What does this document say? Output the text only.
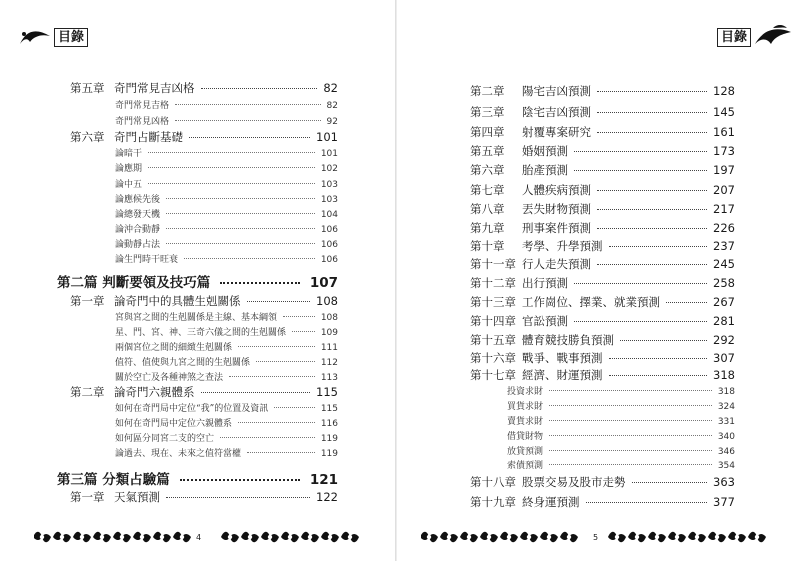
目錄
第五章 奇門常見吉凶格	82
奇門常見吉格	82
奇門常見凶格	92
第六章 奇門占斷基礎	101
論暗干	101
論應期	102
論中五	103
論應候先後	103
論總發天機	104
論沖合動靜	106
論動靜占法	106
論生門時干旺衰	106
第二篇 判斷要領及技巧篇	107
第一章 論奇門中的具體生剋關係	108
宮與宮之間的生剋關係是主線、基本綱領	108
星、門、宮、神、三奇六儀之間的生剋關係	109
兩個宮位之間的細緻生剋關係	111
值符、值使與九宮之間的生剋關係	112
關於空亡及各種神煞之查法	113
第二章 論奇門六親體系	115
如何在奇門局中定位“我”的位置及資訊	115
如何在奇門局中定位六親體系	116
如何區分同宮二支的空亡	119
論過去、現在、未來之值符當權	119
第三篇 分類占驗篇	121
第一章 天氣預測	122
4
目錄
第二章	陽宅吉凶預測	128
第三章	陰宅吉凶預測	145
第四章	射覆專案研究	161
第五章	婚姻預測	173
第六章	胎產預測	197
第七章	人體疾病預測	207
第八章	丟失財物預測	217
第九章	刑事案件預測	226
第十章	考學、升學預測	237
第十一章 行人走失預測	245
第十二章 出行預測	258
第十三章 工作崗位、擇業、就業預測	267
第十四章 官訟預測	281
第十五章 體育競技勝負預測	292
第十六章 戰爭、戰事預測	307
第十七章 經濟、財運預測	318
投資求財	318
買貨求財	324
賣貨求財	331
借貸財物	340
放貸預測	346
索債預測	354
第十八章 股票交易及股市走勢	363
第十九章 終身運預測	377
5
